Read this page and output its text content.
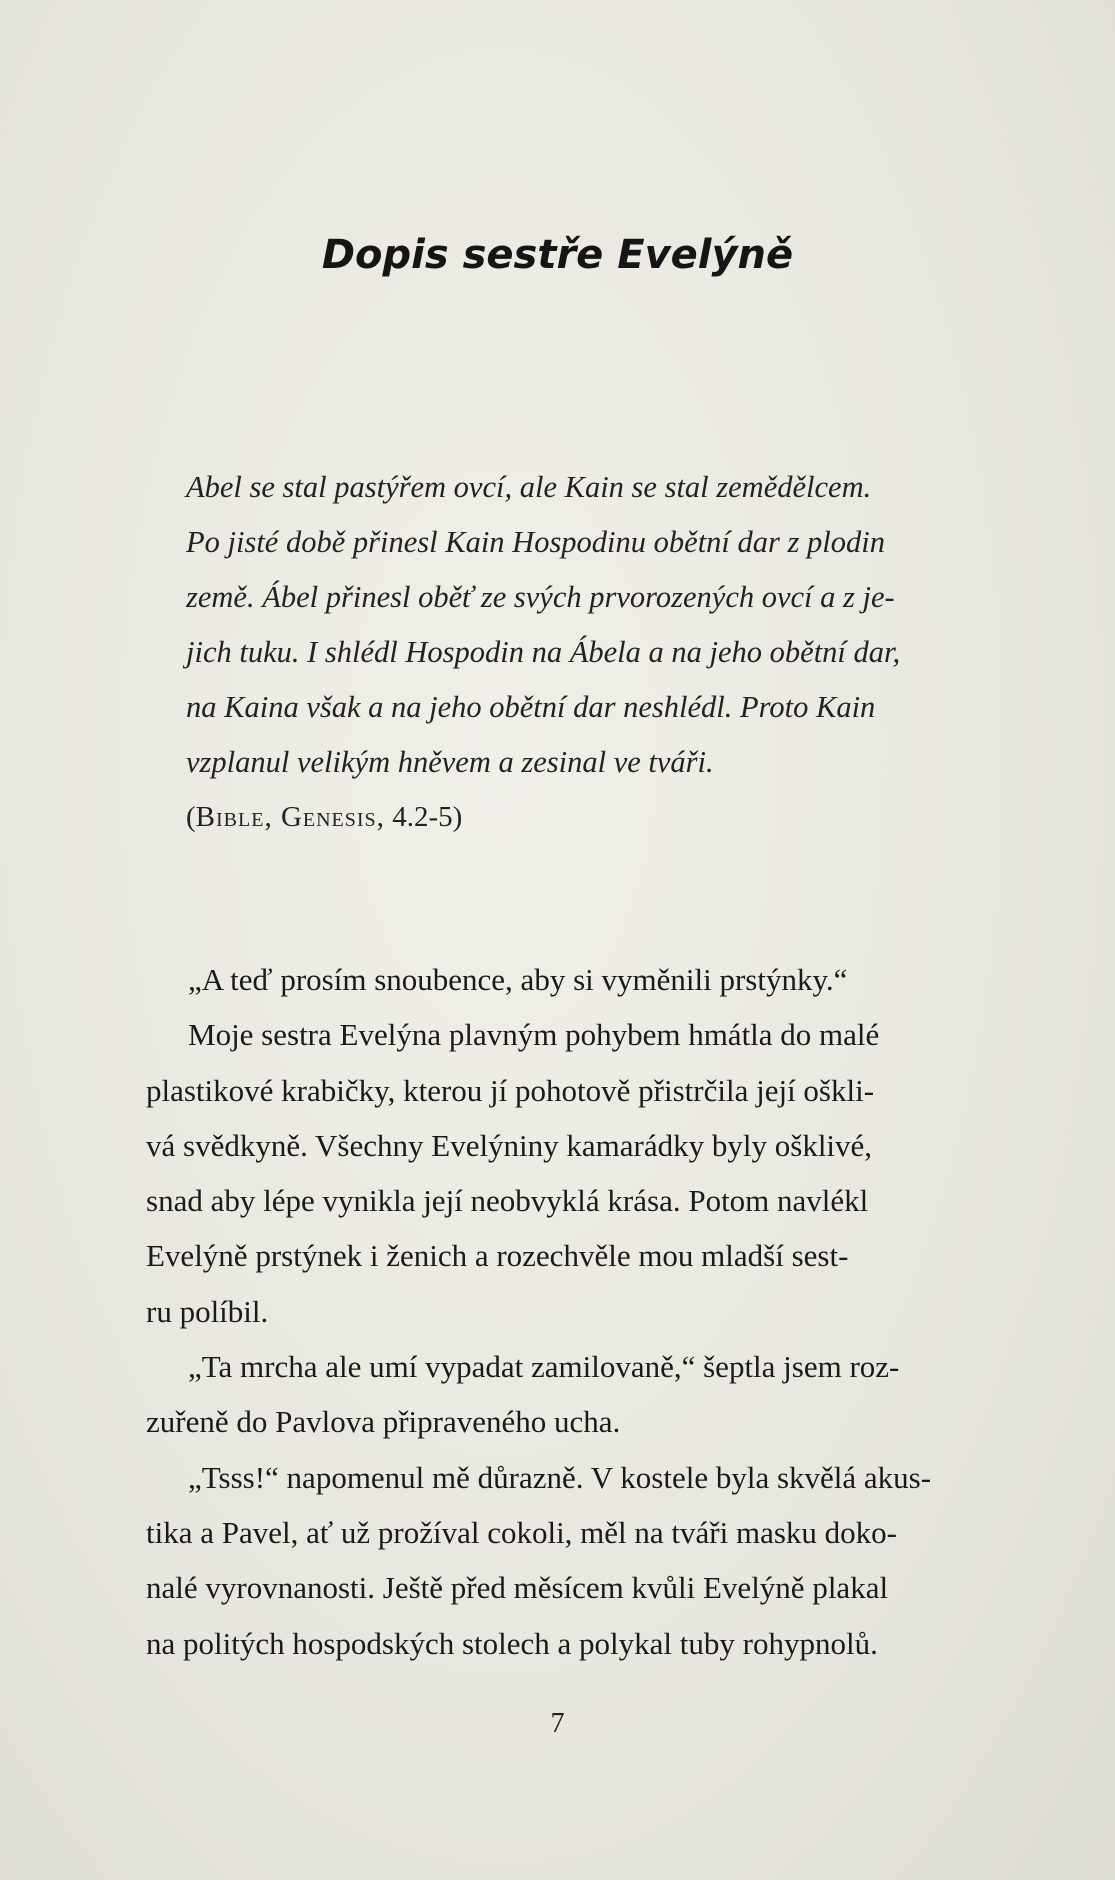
Dopis sestře Evelýně
Abel se stal pastýřem ovcí, ale Kain se stal zemědělcem.
Po jisté době přinesl Kain Hospodinu obětní dar z plodin
země. Ábel přinesl oběť ze svých prvorozených ovcí a z je-
jich tuku. I shlédl Hospodin na Ábela a na jeho obětní dar,
na Kaina však a na jeho obětní dar neshlédl. Proto Kain
vzplanul velikým hněvem a zesinal ve tváři.
(Bible, Genesis, 4.2-5)
„A teď prosím snoubence, aby si vyměnili prstýnky.“
Moje sestra Evelýna plavným pohybem hmátla do malé
plastikové krabičky, kterou jí pohotově přistrčila její oškli-
vá svědkyně. Všechny Evelýniny kamarádky byly ošklivé,
snad aby lépe vynikla její neobvyklá krása. Potom navlékl
Evelýně prstýnek i ženich a rozechvěle mou mladší sest-
ru políbil.
„Ta mrcha ale umí vypadat zamilovaně,“ šeptla jsem roz-
zuřeně do Pavlova připraveného ucha.
„Tsss!“ napomenul mě důrazně. V kostele byla skvělá akus-
tika a Pavel, ať už prožíval cokoli, měl na tváři masku doko-
nalé vyrovnanosti. Ještě před měsícem kvůli Evelýně plakal
na politých hospodských stolech a polykal tuby rohypnolů.
7
